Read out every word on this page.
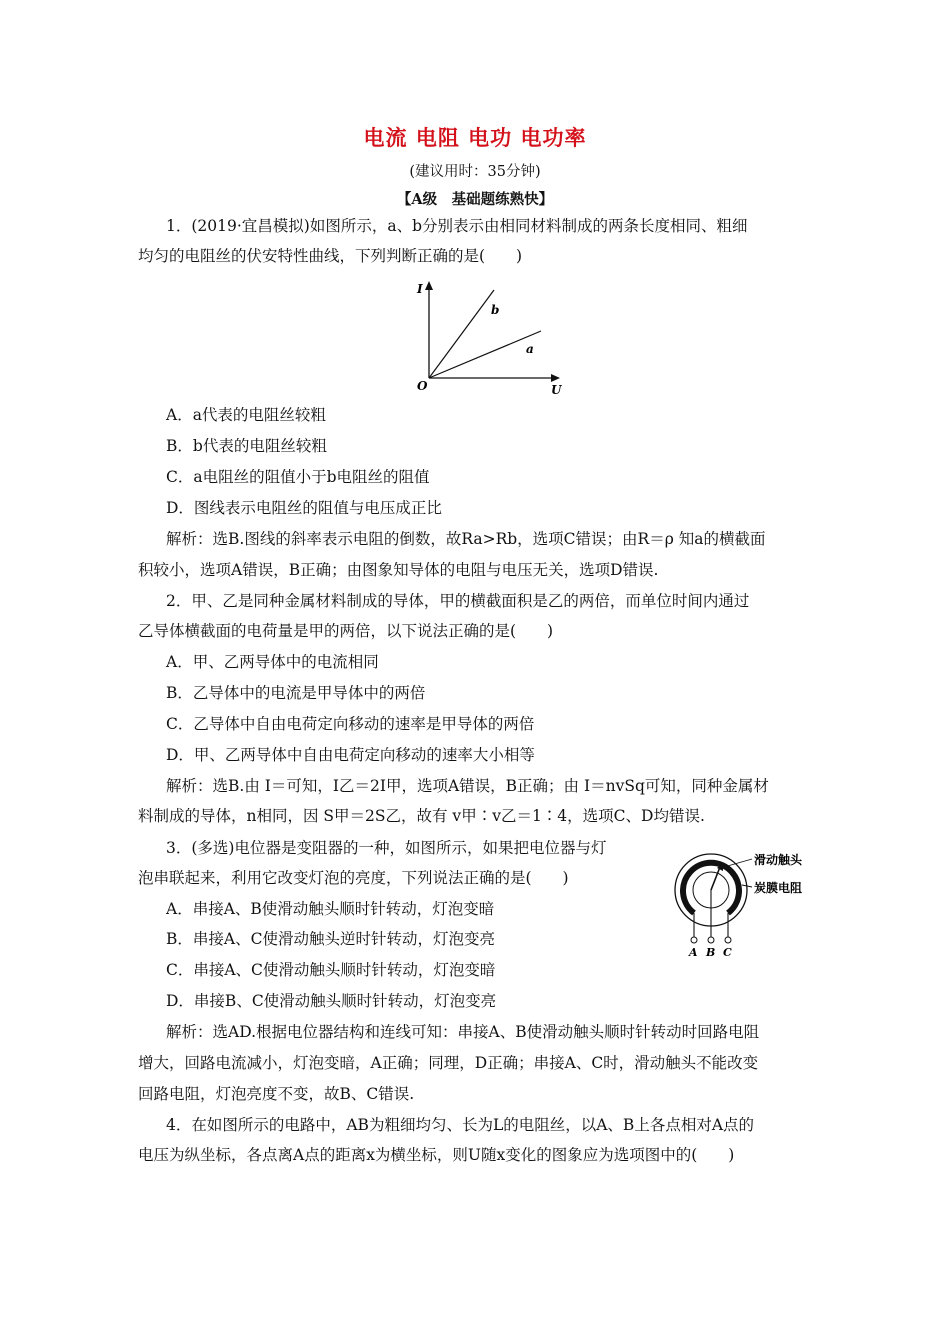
电流 电阻 电功 电功率
(建议用时：35分钟)
【A级　基础题练熟快】
1．(2019·宜昌模拟)如图所示，a、b分别表示由相同材料制成的两条长度相同、粗细
均匀的电阻丝的伏安特性曲线，下列判断正确的是(　　)
I
U
O
b
a
A．a代表的电阻丝较粗
B．b代表的电阻丝较粗
C．a电阻丝的阻值小于b电阻丝的阻值
D．图线表示电阻丝的阻值与电压成正比
解析：选B.图线的斜率表示电阻的倒数，故Ra>Rb，选项C错误；由R＝ρ 知a的横截面
积较小，选项A错误，B正确；由图象知导体的电阻与电压无关，选项D错误.
2．甲、乙是同种金属材料制成的导体，甲的横截面积是乙的两倍，而单位时间内通过
乙导体横截面的电荷量是甲的两倍，以下说法正确的是(　　)
A．甲、乙两导体中的电流相同
B．乙导体中的电流是甲导体中的两倍
C．乙导体中自由电荷定向移动的速率是甲导体的两倍
D．甲、乙两导体中自由电荷定向移动的速率大小相等
解析：选B.由 I＝可知，I乙＝2I甲，选项A错误，B正确；由 I＝nvSq可知，同种金属材
料制成的导体，n相同，因 S甲＝2S乙，故有 v甲∶v乙＝1∶4，选项C、D均错误.
3．(多选)电位器是变阻器的一种，如图所示，如果把电位器与灯
泡串联起来，利用它改变灯泡的亮度，下列说法正确的是(　　)
滑动触头
炭膜电阻
A B C
A．串接A、B使滑动触头顺时针转动，灯泡变暗
B．串接A、C使滑动触头逆时针转动，灯泡变亮
C．串接A、C使滑动触头顺时针转动，灯泡变暗
D．串接B、C使滑动触头顺时针转动，灯泡变亮
解析：选AD.根据电位器结构和连线可知：串接A、B使滑动触头顺时针转动时回路电阻
增大，回路电流减小，灯泡变暗，A正确；同理，D正确；串接A、C时，滑动触头不能改变
回路电阻，灯泡亮度不变，故B、C错误.
4．在如图所示的电路中，AB为粗细均匀、长为L的电阻丝，以A、B上各点相对A点的
电压为纵坐标，各点离A点的距离x为横坐标，则U随x变化的图象应为选项图中的(　　)
